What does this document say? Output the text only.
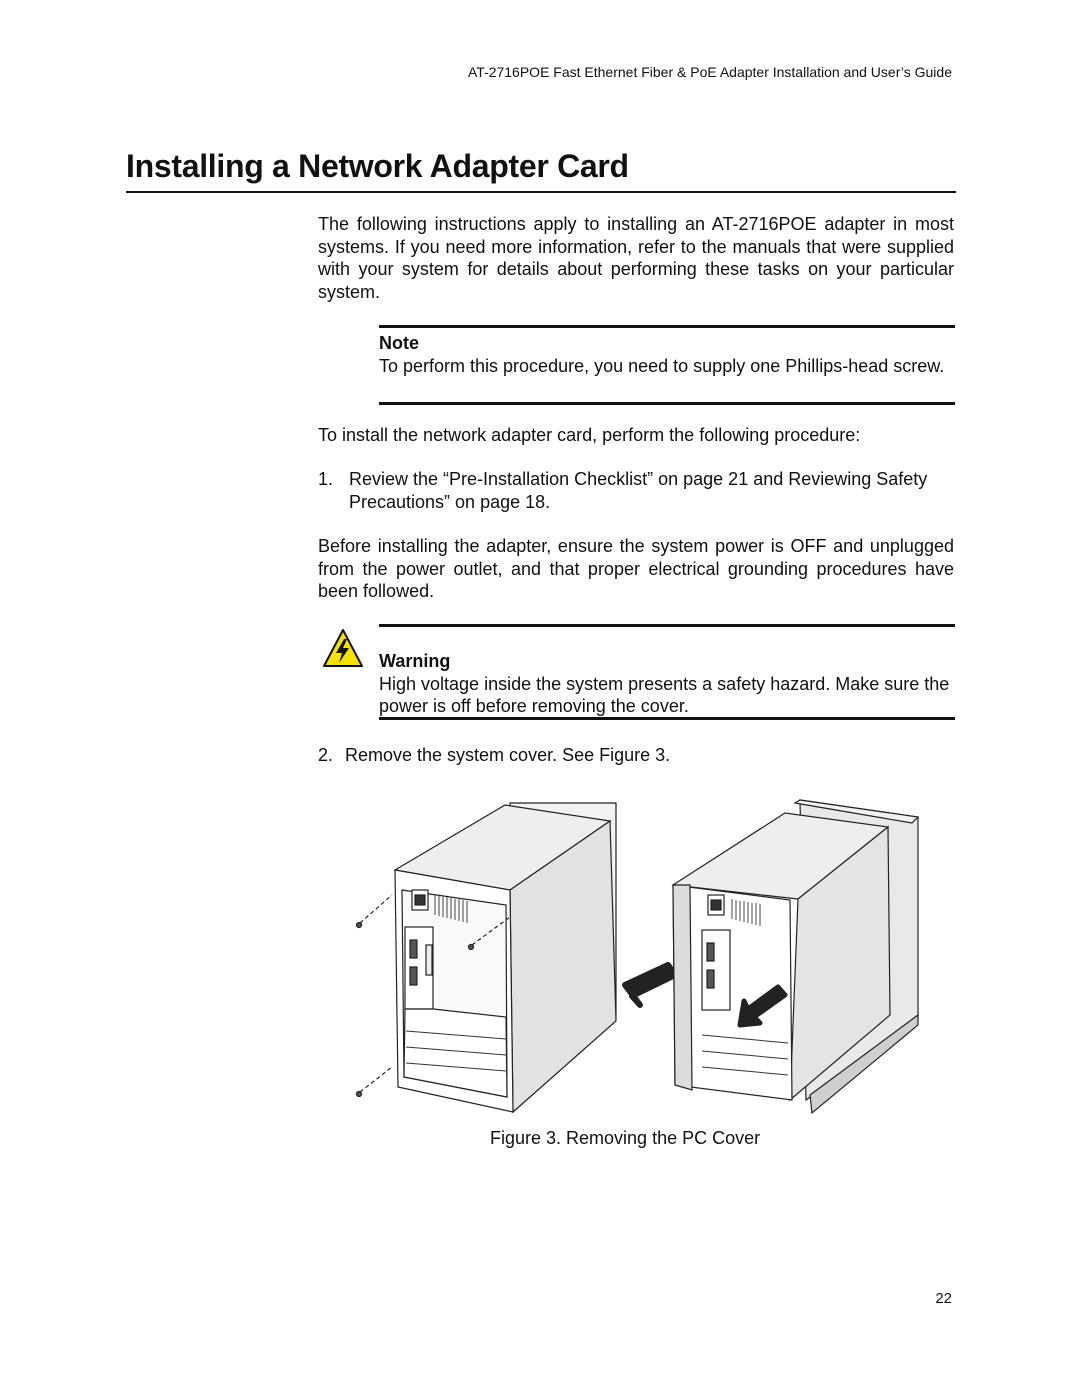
AT-2716POE Fast Ethernet Fiber & PoE Adapter Installation and User’s Guide
Installing a Network Adapter Card

The following instructions apply to installing an AT-2716POE adapter in most systems. If you need more information, refer to the manuals that were supplied with your system for details about performing these tasks on your particular system.

Note
To perform this procedure, you need to supply one Phillips-head screw.

To install the network adapter card, perform the following procedure:

1. Review the “Pre-Installation Checklist” on page 21 and Reviewing Safety Precautions” on page 18.

Before installing the adapter, ensure the system power is OFF and unplugged from the power outlet, and that proper electrical grounding procedures have been followed.

Warning
High voltage inside the system presents a safety hazard. Make sure the power is off before removing the cover.
2. Remove the system cover. See Figure 3.
Figure 3. Removing the PC Cover
22
